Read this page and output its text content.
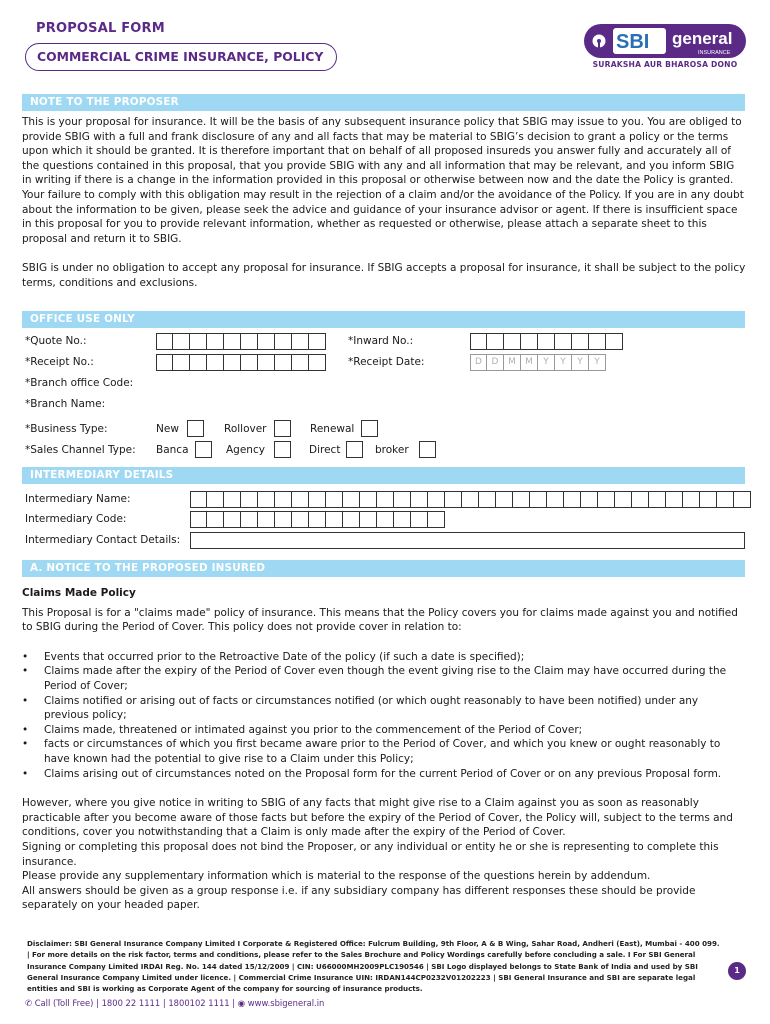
PROPOSAL FORM
COMMERCIAL CRIME INSURANCE, POLICY
SBI general
INSURANCE
SURAKSHA AUR BHAROSA DONO
NOTE TO THE PROPOSER

This is your proposal for insurance. It will be the basis of any subsequent insurance policy that SBIG may issue to you. You are obliged to provide SBIG with a full and frank disclosure of any and all facts that may be material to SBIG’s decision to grant a policy or the terms upon which it should be granted. It is therefore important that on behalf of all proposed insureds you answer fully and accurately all of the questions contained in this proposal, that you provide SBIG with any and all information that may be relevant, and you inform SBIG in writing if there is a change in the information provided in this proposal or otherwise between now and the date the Policy is granted.

Your failure to comply with this obligation may result in the rejection of a claim and/or the avoidance of the Policy. If you are in any doubt about the information to be given, please seek the advice and guidance of your insurance advisor or agent. If there is insufficient space in this proposal for you to provide relevant information, whether as requested or otherwise, please attach a separate sheet to this proposal and return it to SBIG.

SBIG is under no obligation to accept any proposal for insurance. If SBIG accepts a proposal for insurance, it shall be subject to the policy terms, conditions and exclusions.

OFFICE USE ONLY
*Quote No.:	*Inward No.:
*Receipt No.:	*Receipt Date:	D	D	M	M	Y	Y	Y	Y
*Branch office Code:
*Branch Name:
*Business Type:	New	Rollover	Renewal
*Sales Channel Type: Banca	Agency	Direct	broker
INTERMEDIARY DETAILS
Intermediary Name:
Intermediary Code:
Intermediary Contact Details:
A. NOTICE TO THE PROPOSED INSURED

Claims Made Policy

This Proposal is for a "claims made" policy of insurance. This means that the Policy covers you for claims made against you and notified to SBIG during the Period of Cover. This policy does not provide cover in relation to:

• Events that occurred prior to the Retroactive Date of the policy (if such a date is specified);
• Claims made after the expiry of the Period of Cover even though the event giving rise to the Claim may have occurred during the Period of Cover;
• Claims notified or arising out of facts or circumstances notified (or which ought reasonably to have been notified) under any previous policy;
• Claims made, threatened or intimated against you prior to the commencement of the Period of Cover;
• facts or circumstances of which you first became aware prior to the Period of Cover, and which you knew or ought reasonably to have known had the potential to give rise to a Claim under this Policy;
• Claims arising out of circumstances noted on the Proposal form for the current Period of Cover or on any previous Proposal form.

However, where you give notice in writing to SBIG of any facts that might give rise to a Claim against you as soon as reasonably practicable after you become aware of those facts but before the expiry of the Period of Cover, the Policy will, subject to the terms and conditions, cover you notwithstanding that a Claim is only made after the expiry of the Period of Cover.

Signing or completing this proposal does not bind the Proposer, or any individual or entity he or she is representing to complete this insurance.

Please provide any supplementary information which is material to the response of the questions herein by addendum.

All answers should be given as a group response i.e. if any subsidiary company has different responses these should be provide separately on your headed paper.

Disclaimer: SBI General Insurance Company Limited I Corporate & Registered Office: Fulcrum Building, 9th Floor, A & B Wing, Sahar Road, Andheri (East), Mumbai - 400 099. | For more details on the risk factor, terms and conditions, please refer to the Sales Brochure and Policy Wordings carefully before concluding a sale. I For SBI General Insurance Company Limited IRDAI Reg. No. 144 dated 15/12/2009 | CIN: U66000MH2009PLC190546 | SBI Logo displayed belongs to State Bank of India and used by SBI General Insurance Company Limited under licence. | Commercial Crime Insurance UIN: IRDAN144CP0232V01202223 | SBI General Insurance and SBI are separate legal entities and SBI is working as Corporate Agent of the company for sourcing of insurance products.

1
✆ Call (Toll Free) | 1800 22 1111 | 1800102 1111 | ◉ www.sbigeneral.in
